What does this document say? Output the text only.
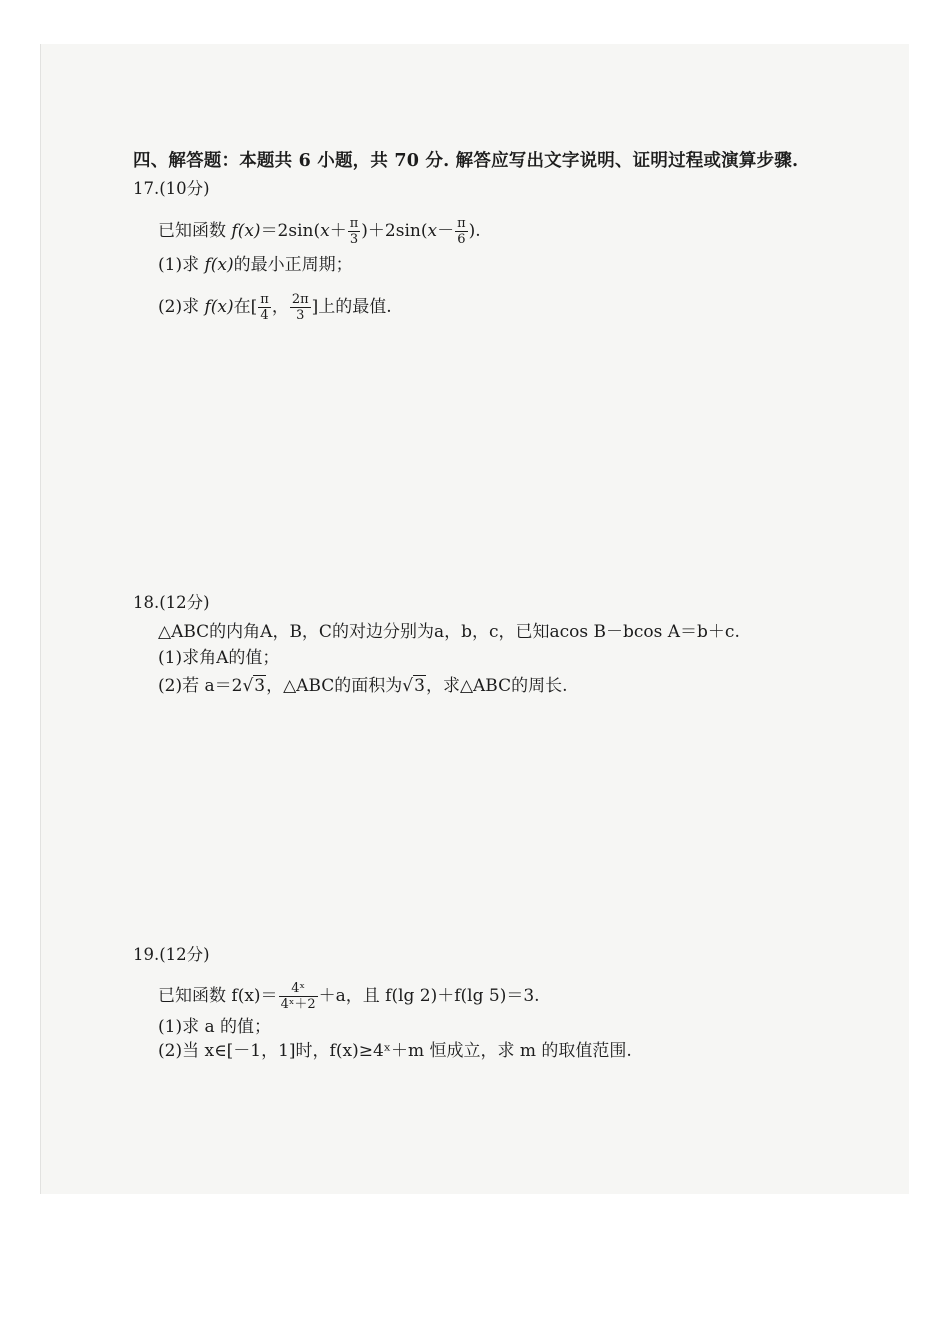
四、解答题：本题共 6 小题，共 70 分. 解答应写出文字说明、证明过程或演算步骤.
17.(10分)
已知函数 $f(x)=2\sin(x+ \frac{\pi}{3} )+2\sin(x- \frac{\pi}{6}$ ).
(1)求 f(x)的最小正周期；
(2)求 f(x)在[ $\frac{\pi}{4}$ ， $\frac{2\pi}{3}$ ]上的最值.
18.(12分)
△ABC的内角A，B，C的对边分别为a，b，c，已知acos B－bcos A＝b＋c.
(1)求角A的值；
(2)若 a＝2√3，△ABC的面积为√3，求△ABC的周长.
19.(12分)
已知函数 $f(x)= \frac{\text{4ˣ}}{\text{4ˣ＋2}} +a$，且 f(lg 2)＋f(lg 5)＝3.
(1)求 a 的值；
(2)当 x∈[－1，1]时，f(x)≥4ˣ＋m 恒成立，求 m 的取值范围.
